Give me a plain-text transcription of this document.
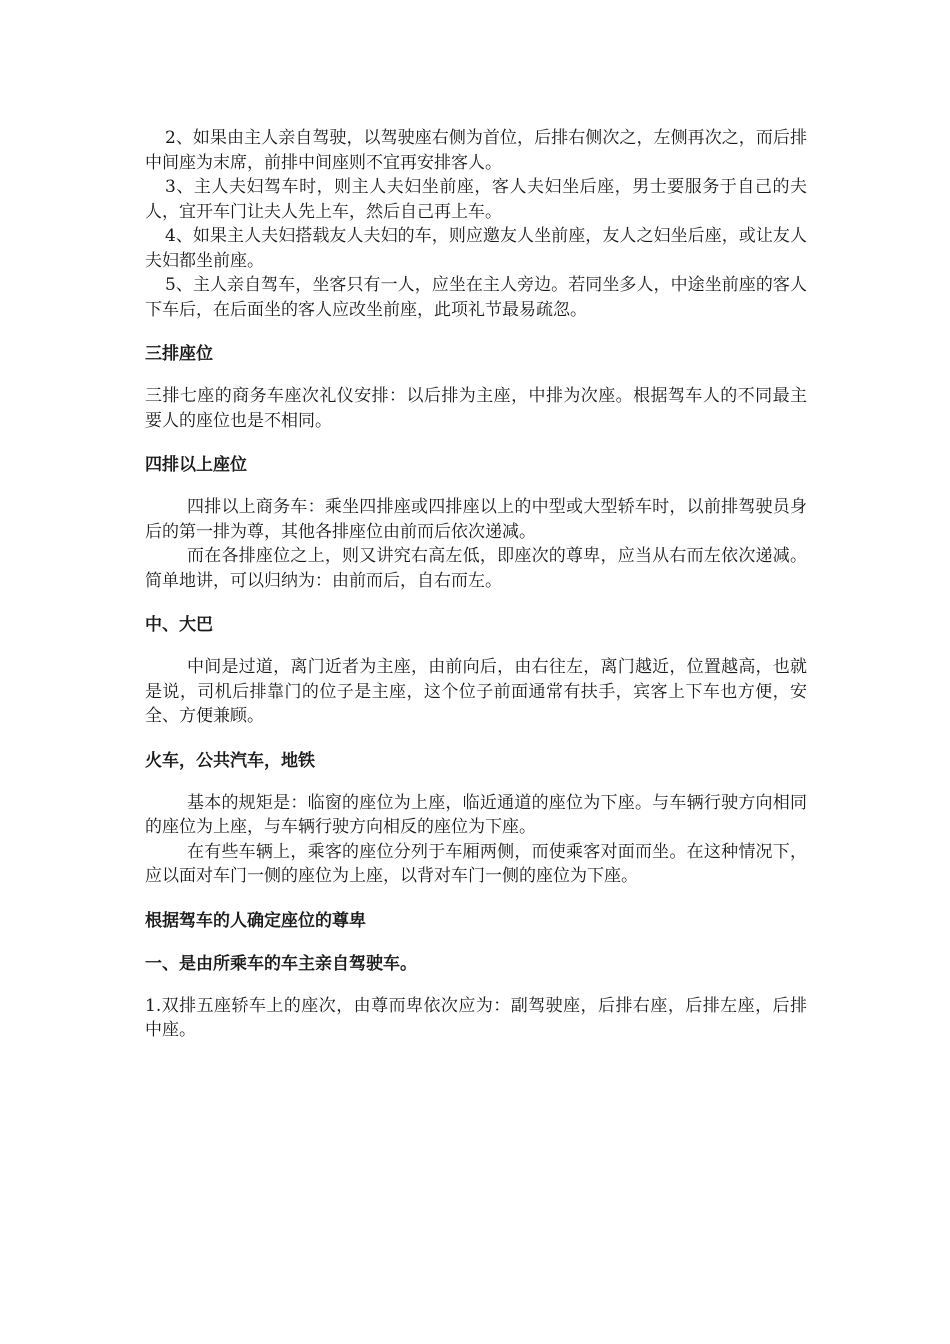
2、如果由主人亲自驾驶，以驾驶座右侧为首位，后排右侧次之，左侧再次之，而后排中间座为末席，前排中间座则不宜再安排客人。

3、主人夫妇驾车时，则主人夫妇坐前座，客人夫妇坐后座，男士要服务于自己的夫人，宜开车门让夫人先上车，然后自己再上车。

4、如果主人夫妇搭载友人夫妇的车，则应邀友人坐前座，友人之妇坐后座，或让友人夫妇都坐前座。

5、主人亲自驾车，坐客只有一人，应坐在主人旁边。若同坐多人，中途坐前座的客人下车后，在后面坐的客人应改坐前座，此项礼节最易疏忽。

三排座位

三排七座的商务车座次礼仪安排：以后排为主座，中排为次座。根据驾车人的不同最主要人的座位也是不相同。

四排以上座位

四排以上商务车：乘坐四排座或四排座以上的中型或大型轿车时，以前排驾驶员身后的第一排为尊，其他各排座位由前而后依次递减。

而在各排座位之上，则又讲究右高左低，即座次的尊卑，应当从右而左依次递减。简单地讲，可以归纳为：由前而后，自右而左。

中、大巴

中间是过道，离门近者为主座，由前向后，由右往左，离门越近，位置越高，也就是说，司机后排靠门的位子是主座，这个位子前面通常有扶手，宾客上下车也方便，安全、方便兼顾。

火车，公共汽车，地铁

基本的规矩是：临窗的座位为上座，临近通道的座位为下座。与车辆行驶方向相同的座位为上座，与车辆行驶方向相反的座位为下座。

在有些车辆上，乘客的座位分列于车厢两侧，而使乘客对面而坐。在这种情况下，应以面对车门一侧的座位为上座，以背对车门一侧的座位为下座。

根据驾车的人确定座位的尊卑
一、是由所乘车的车主亲自驾驶车。

1.双排五座轿车上的座次，由尊而卑依次应为：副驾驶座，后排右座，后排左座，后排中座。
